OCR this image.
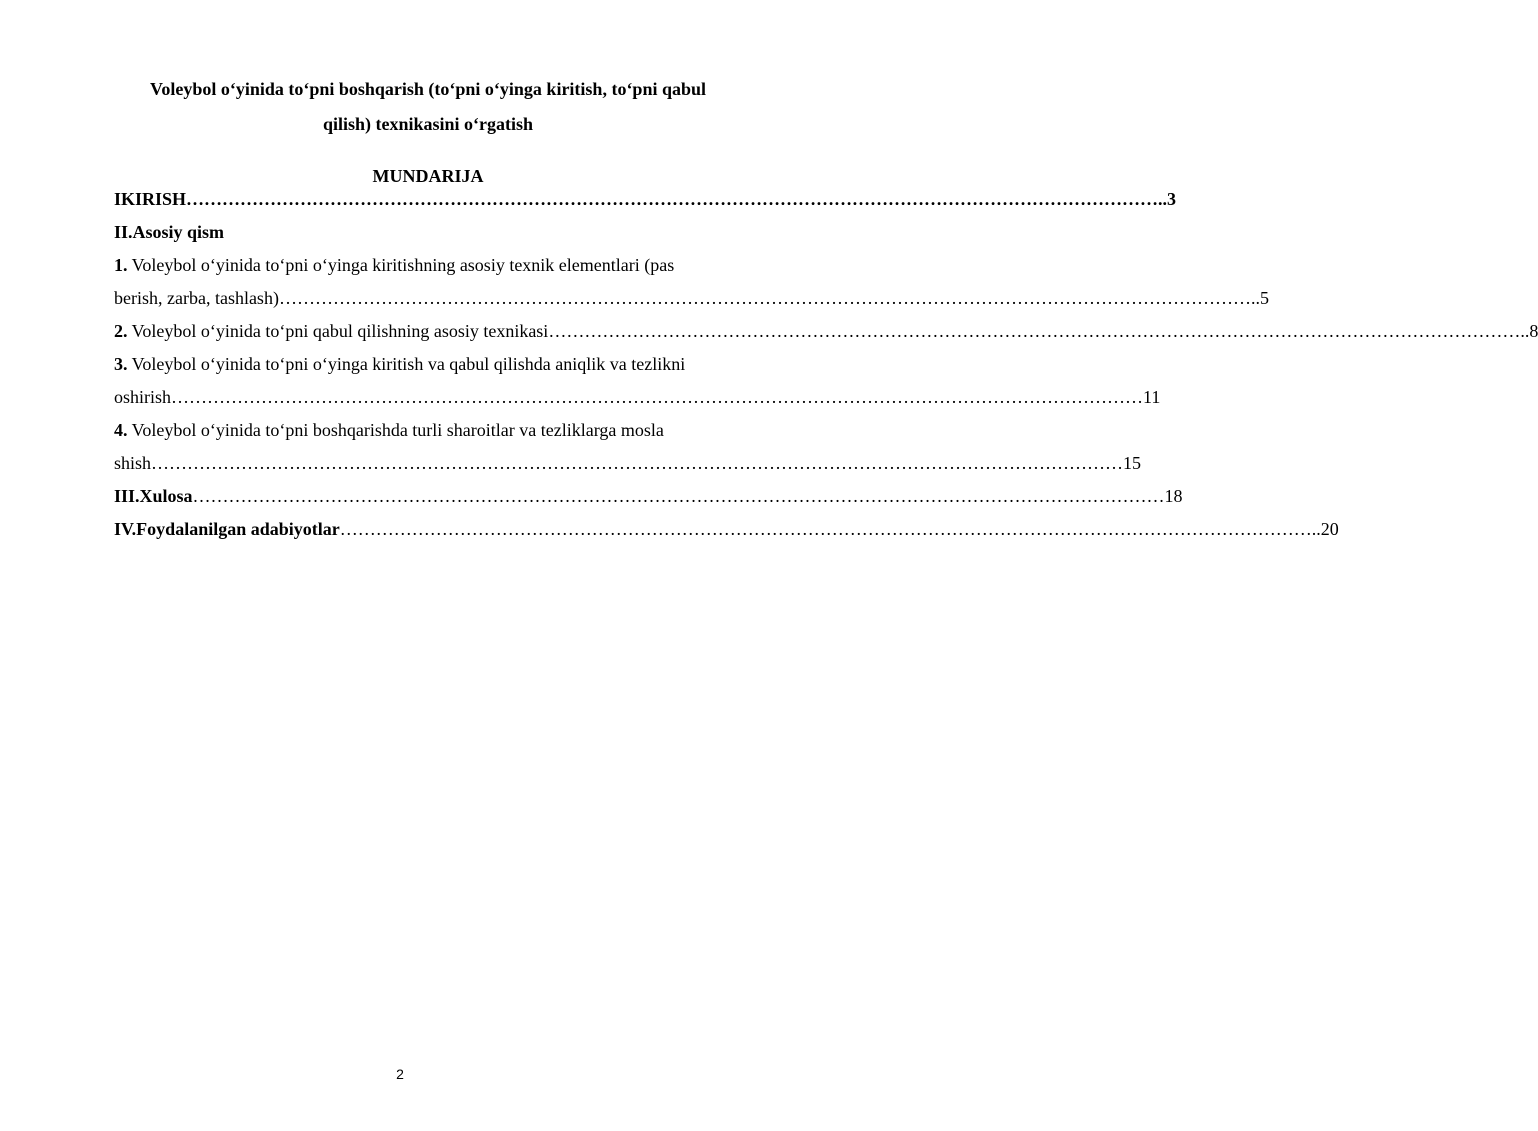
Voleybol o‘yinida to‘pni boshqarish (to‘pni o‘yinga kiritish, to‘pni qabul
qilish) texnikasini o‘rgatish
MUNDARIJA
IKIRISH ……………………………………………………………………………………………………………………………………………… ..3
II.Asosiy qism
1. Voleybol o‘yinida to‘pni o‘yinga kiritishning asosiy texnik elementlari (pas
berish, zarba, tashlash) ……………………………………………………………………………………………………………………………………………… ..5
2. Voleybol o‘yinida to‘pni qabul qilishning asosiy texnikasi ……………………………………………………………………………………………………………………………………………… ..8
3. Voleybol o‘yinida to‘pni o‘yinga kiritish va qabul qilishda aniqlik va tezlikni
oshirish ……………………………………………………………………………………………………………………………………………… 11
4. Voleybol o‘yinida to‘pni boshqarishda turli sharoitlar va tezliklarga mosla
shish ……………………………………………………………………………………………………………………………………………… 15
III.Xulosa ……………………………………………………………………………………………………………………………………………… 18
IV.Foydalanilgan adabiyotlar ……………………………………………………………………………………………………………………………………………… ..20
2
